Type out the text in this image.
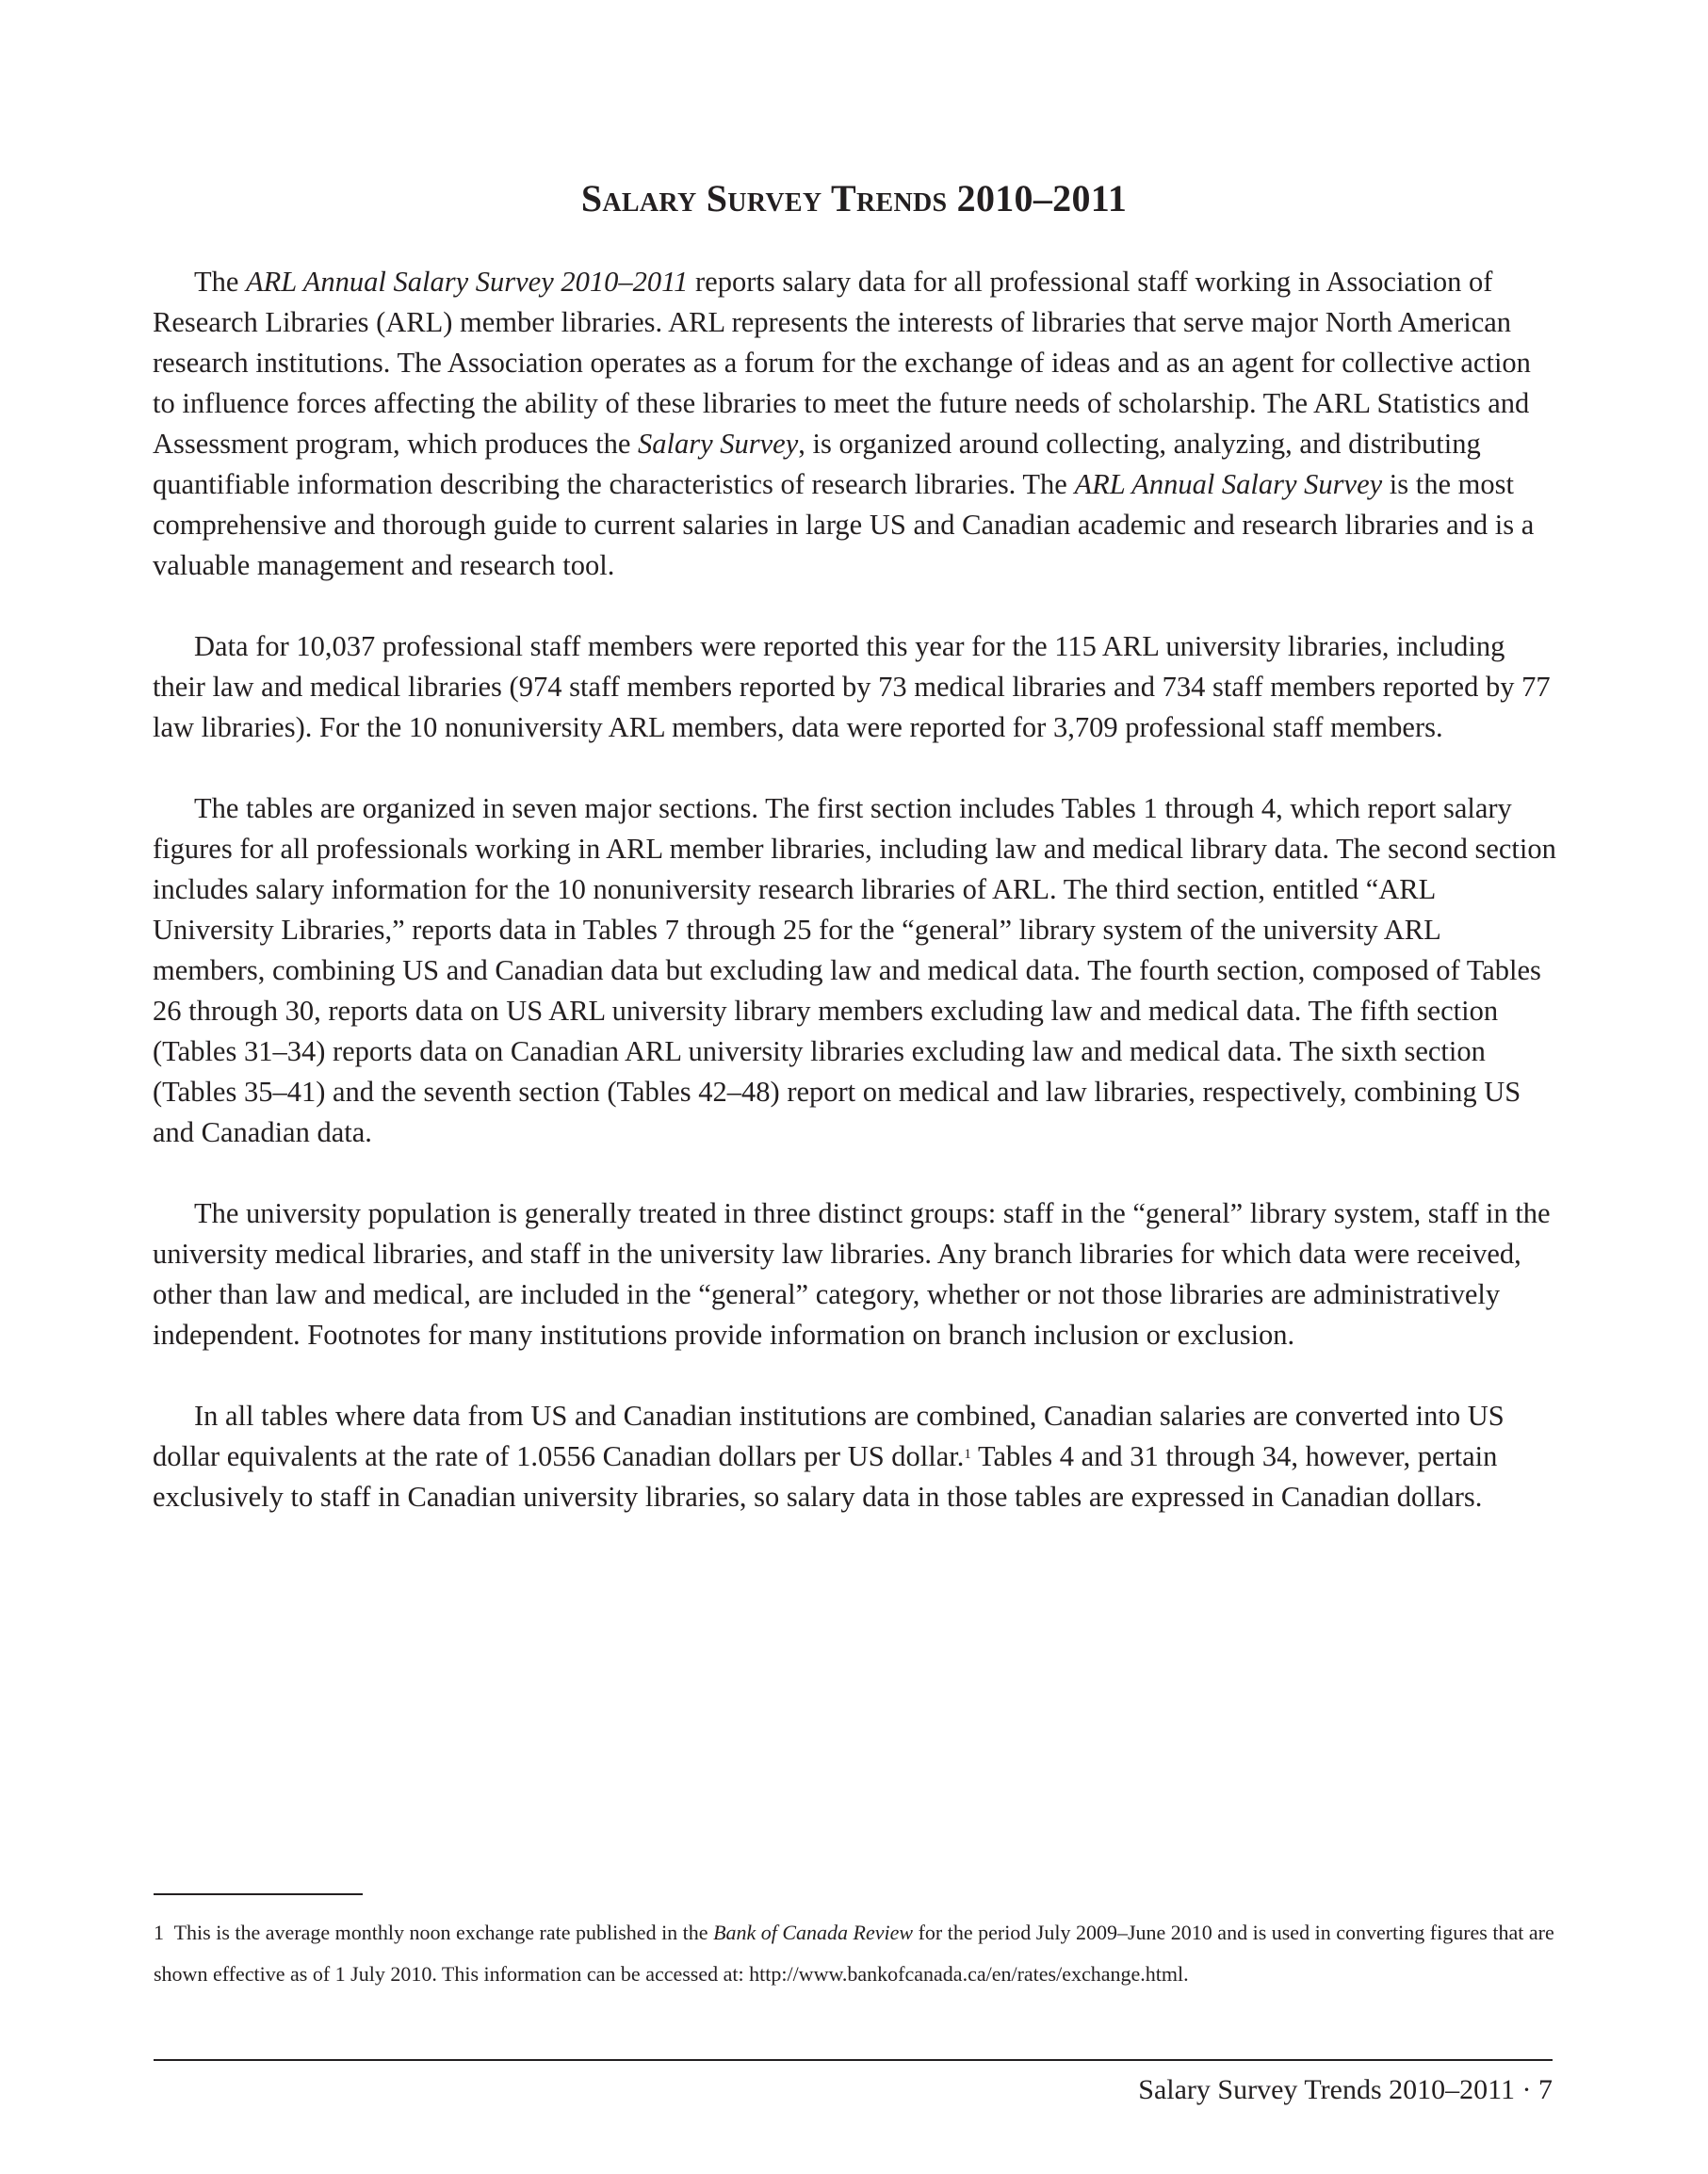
Salary Survey Trends 2010–2011

The ARL Annual Salary Survey 2010–2011 reports salary data for all professional staff working in Association of Research Libraries (ARL) member libraries. ARL represents the interests of libraries that serve major North American research institutions. The Association operates as a forum for the exchange of ideas and as an agent for collective action to influence forces affecting the ability of these libraries to meet the future needs of scholarship. The ARL Statistics and Assessment program, which produces the Salary Survey, is organized around collecting, analyzing, and distributing quantifiable information describing the characteristics of research libraries. The ARL Annual Salary Survey is the most comprehensive and thorough guide to current salaries in large US and Canadian academic and research libraries and is a valuable management and research tool.

Data for 10,037 professional staff members were reported this year for the 115 ARL university libraries, including their law and medical libraries (974 staff members reported by 73 medical libraries and 734 staff members reported by 77 law libraries). For the 10 nonuniversity ARL members, data were reported for 3,709 professional staff members.

The tables are organized in seven major sections. The first section includes Tables 1 through 4, which report salary figures for all professionals working in ARL member libraries, including law and medical library data. The second section includes salary information for the 10 nonuniversity research libraries of ARL. The third section, entitled “ARL University Libraries,” reports data in Tables 7 through 25 for the “general” library system of the university ARL members, combining US and Canadian data but excluding law and medical data. The fourth section, composed of Tables 26 through 30, reports data on US ARL university library members excluding law and medical data. The fifth section (Tables 31–34) reports data on Canadian ARL university libraries excluding law and medical data. The sixth section (Tables 35–41) and the seventh section (Tables 42–48) report on medical and law libraries, respectively, combining US and Canadian data.

The university population is generally treated in three distinct groups: staff in the “general” library system, staff in the university medical libraries, and staff in the university law libraries. Any branch libraries for which data were received, other than law and medical, are included in the “general” category, whether or not those libraries are administratively independent. Footnotes for many institutions provide information on branch inclusion or exclusion.

In all tables where data from US and Canadian institutions are combined, Canadian salaries are converted into US dollar equivalents at the rate of 1.0556 Canadian dollars per US dollar.$^1$ Tables 4 and 31 through 34, however, pertain exclusively to staff in Canadian university libraries, so salary data in those tables are expressed in Canadian dollars.

1 This is the average monthly noon exchange rate published in the Bank of Canada Review for the period July 2009–June 2010 and is used in converting figures that are shown effective as of 1 July 2010. This information can be accessed at: http://www.bankofcanada.ca/en/rates/exchange.html.
Salary Survey Trends 2010–2011 · 7
